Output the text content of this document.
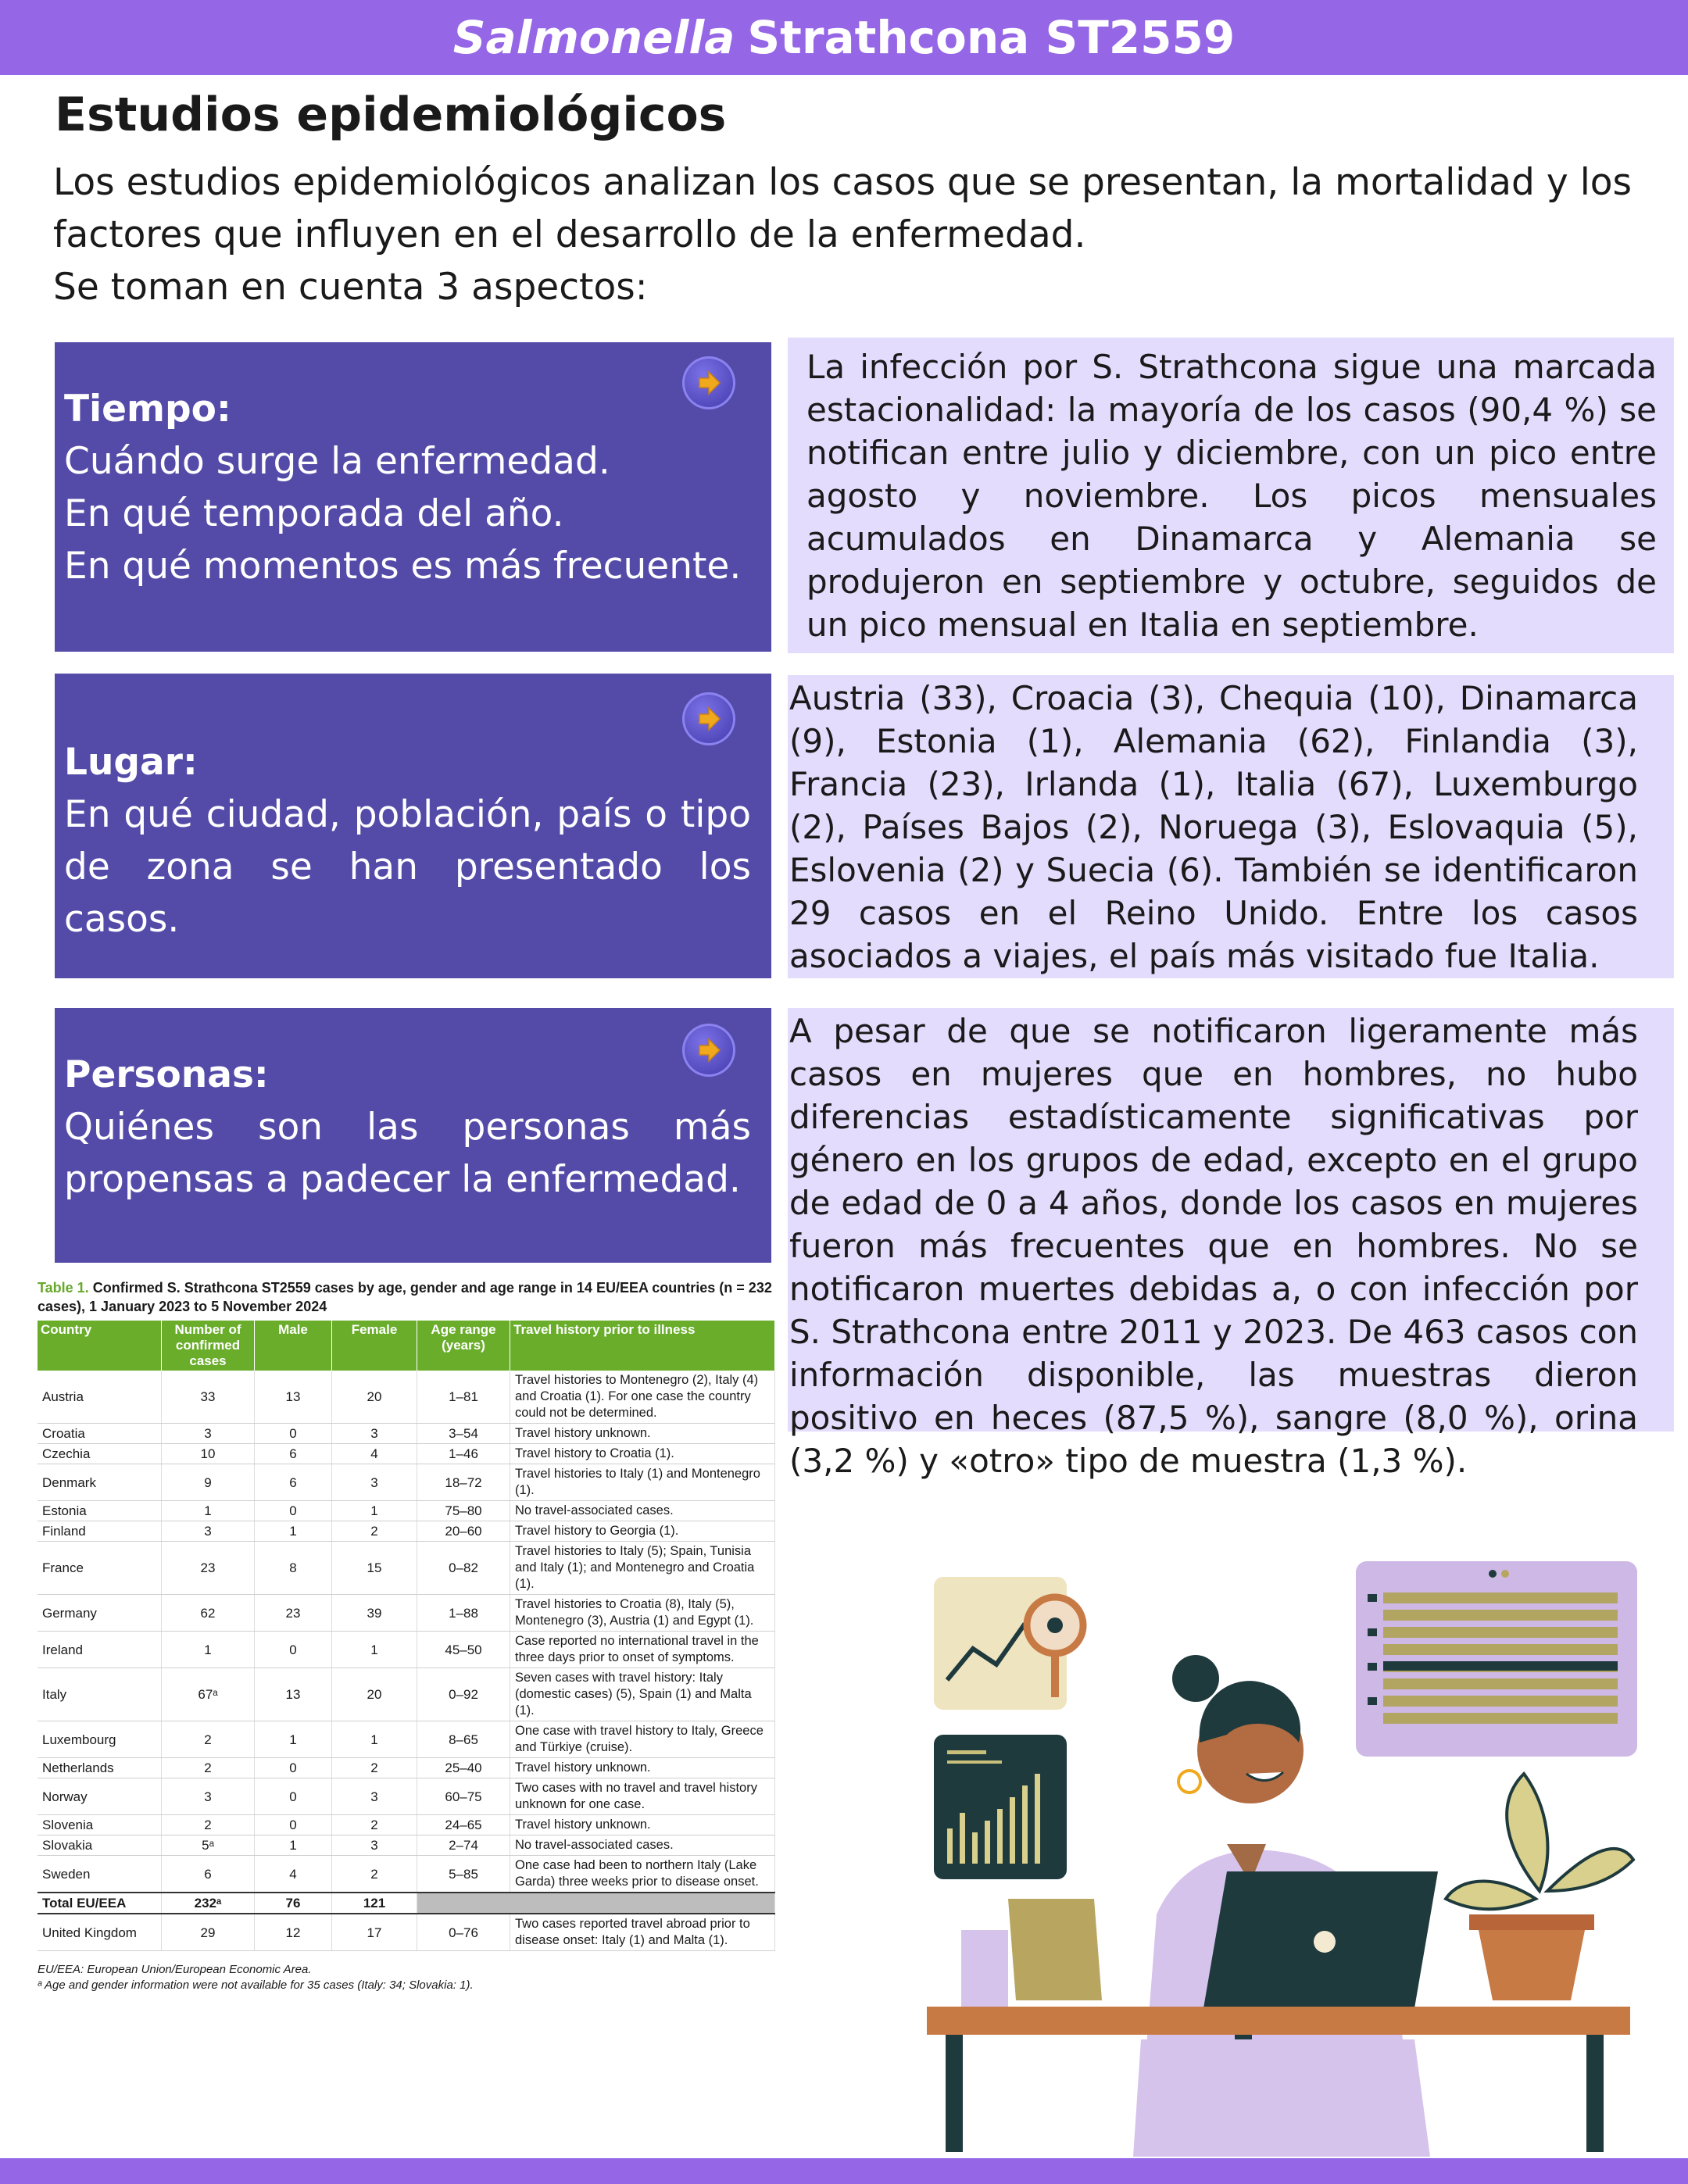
Salmonella Strathcona ST2559
Estudios epidemiológicos

Los estudios epidemiológicos analizan los casos que se presentan, la mortalidad y los factores que influyen en el desarrollo de la enfermedad.

Se toman en cuenta 3 aspectos:

Tiempo:

Cuándo surge la enfermedad.

En qué temporada del año.

En qué momentos es más frecuente.

Lugar:

En qué ciudad, población, país o tipo de zona se han presentado los casos.

Personas:

Quiénes son las personas más propensas a padecer la enfermedad.

La infección por S. Strathcona sigue una marcada estacionalidad: la mayoría de los casos (90,4 %) se notifican entre julio y diciembre, con un pico entre agosto y noviembre. Los picos mensuales acumulados en Dinamarca y Alemania se produjeron en septiembre y octubre, seguidos de un pico mensual en Italia en septiembre.

Austria (33), Croacia (3), Chequia (10), Dinamarca (9), Estonia (1), Alemania (62), Finlandia (3), Francia (23), Irlanda (1), Italia (67), Luxemburgo (2), Países Bajos (2), Noruega (3), Eslovaquia (5), Eslovenia (2) y Suecia (6). También se identificaron 29 casos en el Reino Unido. Entre los casos asociados a viajes, el país más visitado fue Italia.

A pesar de que se notificaron ligeramente más casos en mujeres que en hombres, no hubo diferencias estadísticamente significativas por género en los grupos de edad, excepto en el grupo de edad de 0 a 4 años, donde los casos en mujeres fueron más frecuentes que en hombres. No se notificaron muertes debidas a, o con infección por S. Strathcona entre 2011 y 2023. De 463 casos con información disponible, las muestras dieron positivo en heces (87,5 %), sangre (8,0 %), orina (3,2 %) y «otro» tipo de muestra (1,3 %).

Table 1. Confirmed S. Strathcona ST2559 cases by age, gender and age range in 14 EU/EEA countries (n = 232 cases), 1 January 2023 to 5 November 2024
Country	Number of confirmed cases	Male	Female	Age range (years)	Travel history prior to illness
Austria	33	13	20	1–81	Travel histories to Montenegro (2), Italy (4) and Croatia (1). For one case the country could not be determined.
Croatia	3	0	3	3–54	Travel history unknown.
Czechia	10	6	4	1–46	Travel history to Croatia (1).
Denmark	9	6	3	18–72	Travel histories to Italy (1) and Montenegro (1).
Estonia	1	0	1	75–80	No travel-associated cases.
Finland	3	1	2	20–60	Travel history to Georgia (1).
France	23	8	15	0–82	Travel histories to Italy (5); Spain, Tunisia and Italy (1); and Montenegro and Croatia (1).
Germany	62	23	39	1–88	Travel histories to Croatia (8), Italy (5), Montenegro (3), Austria (1) and Egypt (1).
Ireland	1	0	1	45–50	Case reported no international travel in the three days prior to onset of symptoms.
Italy	67ᵃ	13	20	0–92	Seven cases with travel history: Italy (domestic cases) (5), Spain (1) and Malta (1).
Luxembourg	2	1	1	8–65	One case with travel history to Italy, Greece and Türkiye (cruise).
Netherlands	2	0	2	25–40	Travel history unknown.
Norway	3	0	3	60–75	Two cases with no travel and travel history unknown for one case.
Slovenia	2	0	2	24–65	Travel history unknown.
Slovakia	5ᵃ	1	3	2–74	No travel-associated cases.
Sweden	6	4	2	5–85	One case had been to northern Italy (Lake Garda) three weeks prior to disease onset.
Total EU/EEA	232ᵃ	76	121		
United Kingdom	29	12	17	0–76	Two cases reported travel abroad prior to disease onset: Italy (1) and Malta (1).
EU/EEA: European Union/European Economic Area.
ᵃ Age and gender information were not available for 35 cases (Italy: 34; Slovakia: 1).
